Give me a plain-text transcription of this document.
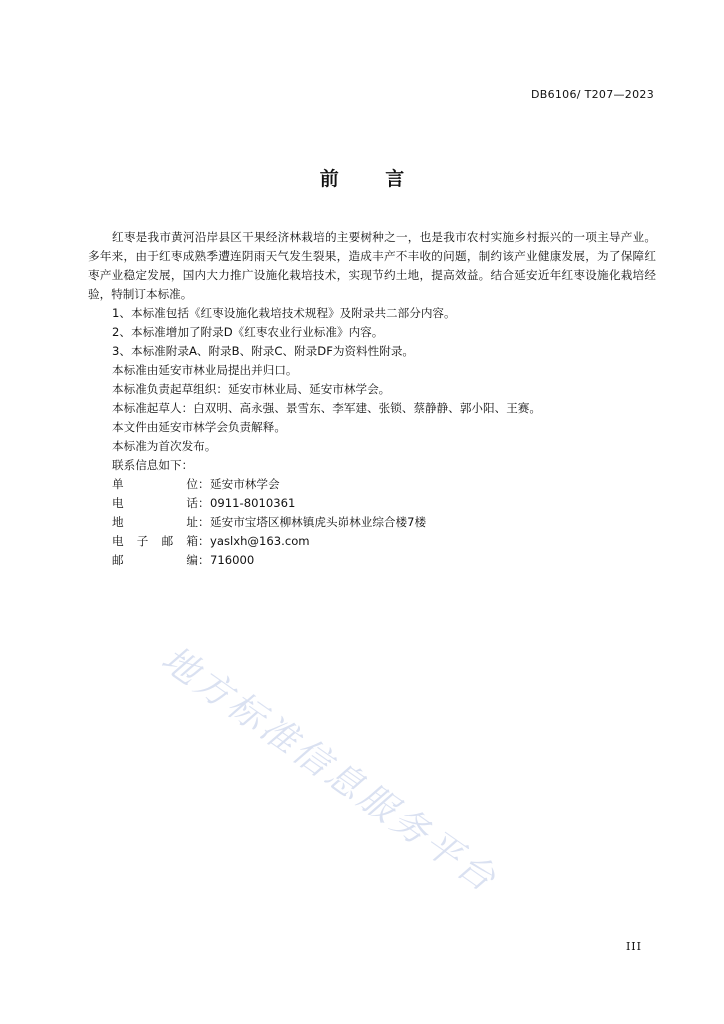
DB6106/ T207—2023
前 言

红枣是我市黄河沿岸县区干果经济林栽培的主要树种之一，也是我市农村实施乡村振兴的一项主导产业。多年来，由于红枣成熟季遭连阴雨天气发生裂果，造成丰产不丰收的问题，制约该产业健康发展，为了保障红枣产业稳定发展，国内大力推广设施化栽培技术，实现节约土地，提高效益。结合延安近年红枣设施化栽培经验，特制订本标准。

1、本标准包括《红枣设施化栽培技术规程》及附录共二部分内容。

2、本标准增加了附录D《红枣农业行业标准》内容。

3、本标准附录A、附录B、附录C、附录DF为资料性附录。

本标准由延安市林业局提出并归口。

本标准负责起草组织：延安市林业局、延安市林学会。

本标准起草人：白双明、高永强、景雪东、李军建、张锁、蔡静静、郭小阳、王赛。

本文件由延安市林学会负责解释。

本标准为首次发布。

联系信息如下：

单	位 ： 延安市林学会
电	话 ： 0911-8010361
地	址 ： 延安市宝塔区柳林镇虎头峁林业综合楼7楼
电 子 邮 箱 ： yaslxh@163.com
邮	编 ： 716000
地方标准信息服务平台
III
